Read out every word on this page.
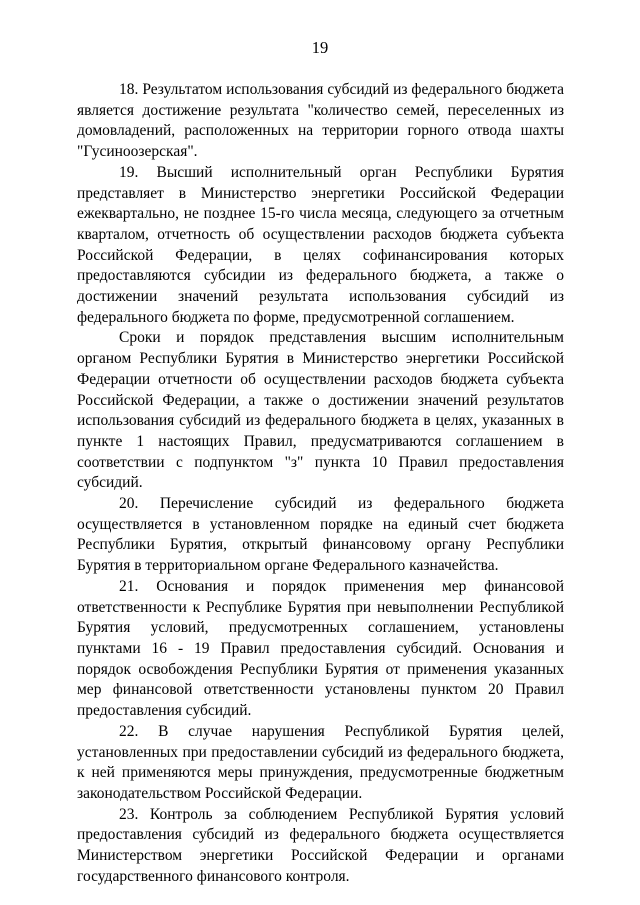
19

18. Результатом использования субсидий из федерального бюджета является достижение результата "количество семей, переселенных из домовладений, расположенных на территории горного отвода шахты "Гусиноозерская".

19. Высший исполнительный орган Республики Бурятия представляет в Министерство энергетики Российской Федерации ежеквартально, не позднее 15-го числа месяца, следующего за отчетным кварталом, отчетность об осуществлении расходов бюджета субъекта Российской Федерации, в целях софинансирования которых предоставляются субсидии из федерального бюджета, а также о достижении значений результата использования субсидий из федерального бюджета по форме, предусмотренной соглашением.

Сроки и порядок представления высшим исполнительным органом Республики Бурятия в Министерство энергетики Российской Федерации отчетности об осуществлении расходов бюджета субъекта Российской Федерации, а также о достижении значений результатов использования субсидий из федерального бюджета в целях, указанных в пункте 1 настоящих Правил, предусматриваются соглашением в соответствии с подпунктом "з" пункта 10 Правил предоставления субсидий.

20. Перечисление субсидий из федерального бюджета осуществляется в установленном порядке на единый счет бюджета Республики Бурятия, открытый финансовому органу Республики Бурятия в территориальном органе Федерального казначейства.

21. Основания и порядок применения мер финансовой ответственности к Республике Бурятия при невыполнении Республикой Бурятия условий, предусмотренных соглашением, установлены пунктами 16 - 19 Правил предоставления субсидий. Основания и порядок освобождения Республики Бурятия от применения указанных мер финансовой ответственности установлены пунктом 20 Правил предоставления субсидий.

22. В случае нарушения Республикой Бурятия целей, установленных при предоставлении субсидий из федерального бюджета, к ней применяются меры принуждения, предусмотренные бюджетным законодательством Российской Федерации.

23. Контроль за соблюдением Республикой Бурятия условий предоставления субсидий из федерального бюджета осуществляется Министерством энергетики Российской Федерации и органами государственного финансового контроля.
